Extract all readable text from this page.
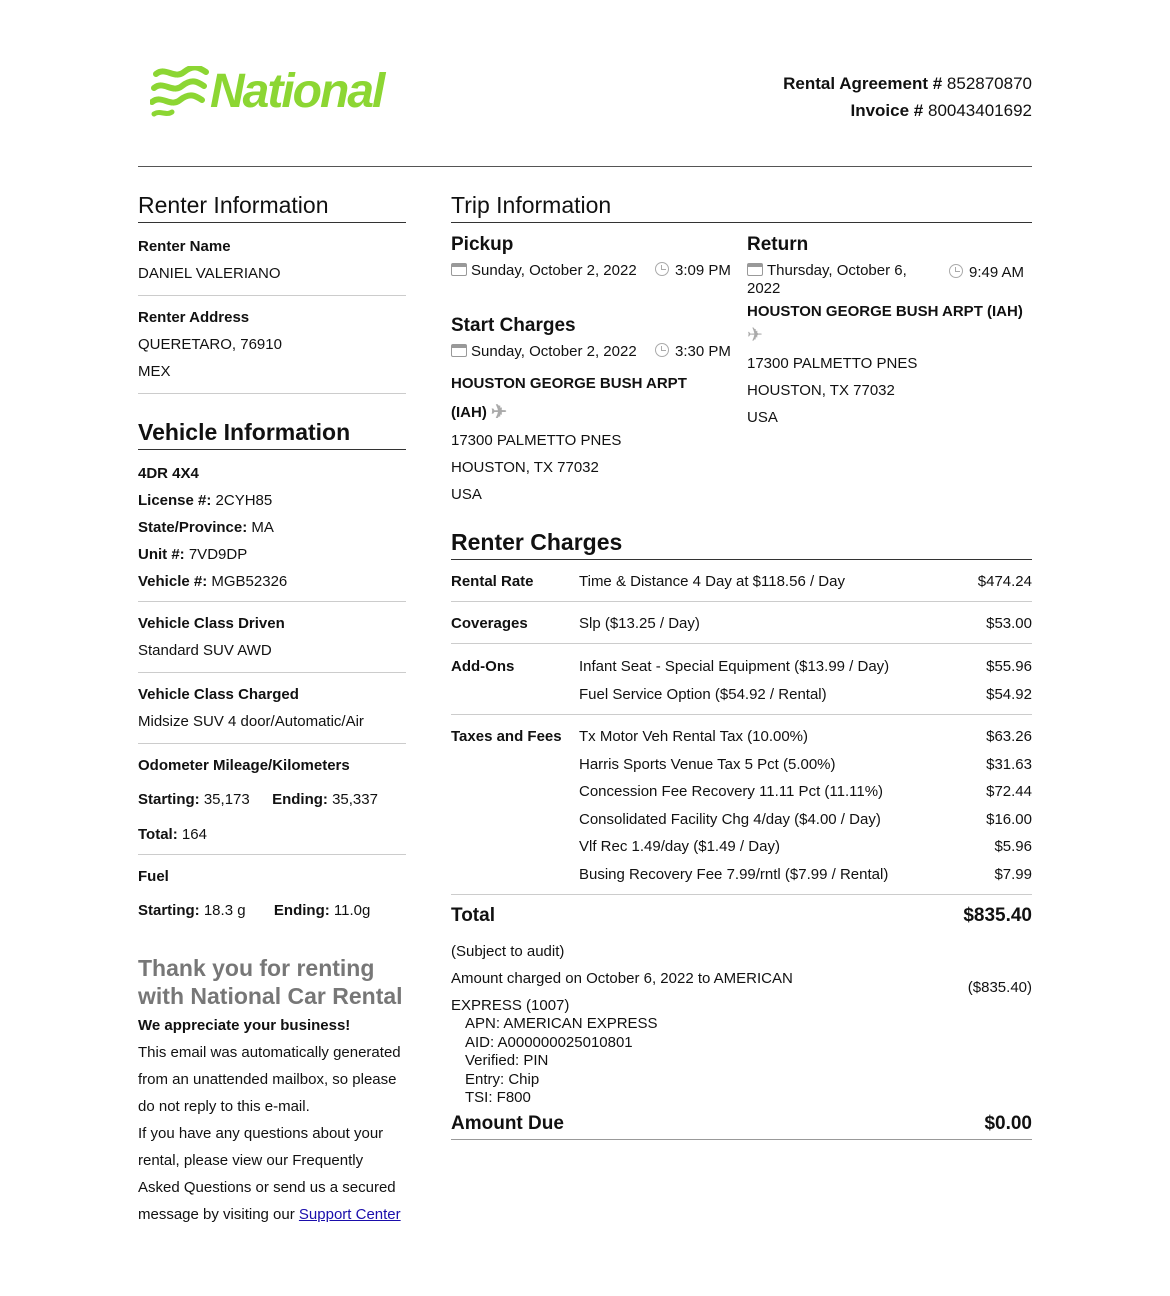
National	Rental Agreement # 852870870
Invoice # 80043401692
Renter Information
Renter Name
DANIEL VALERIANO
Renter Address
QUERETARO, 76910
MEX
Vehicle Information
4DR 4X4
License #: 2CYH85
State/Province: MA
Unit #: 7VD9DP
Vehicle #: MGB52326
Vehicle Class Driven
Standard SUV AWD
Vehicle Class Charged
Midsize SUV 4 door/Automatic/Air
Odometer Mileage/Kilometers
Starting: 35,173 Ending: 35,337
Total: 164
Fuel
Starting: 18.3 g Ending: 11.0g
Thank you for renting with National Car Rental
We appreciate your business!
This email was automatically generated from an unattended mailbox, so please do not reply to this e-mail.
If you have any questions about your rental, please view our Frequently Asked Questions or send us a secured message by visiting our Support Center
Trip Information
Pickup
Sunday, October 2, 2022	3:09 PM
Start Charges
Sunday, October 2, 2022	3:30 PM
HOUSTON GEORGE BUSH ARPT (IAH) ✈
17300 PALMETTO PNES
HOUSTON, TX 77032
USA
Return
Thursday, October 6, 2022
9:49 AM
HOUSTON GEORGE BUSH ARPT (IAH)
✈
17300 PALMETTO PNES
HOUSTON, TX 77032
USA
Renter Charges
Rental Rate	Time & Distance 4 Day at $118.56 / Day	$474.24
Coverages	Slp ($13.25 / Day)	$53.00
Add-Ons	Infant Seat - Special Equipment ($13.99 / Day)	$55.96
Fuel Service Option ($54.92 / Rental)	$54.92
Taxes and Fees Tx Motor Veh Rental Tax (10.00%)	$63.26
Harris Sports Venue Tax 5 Pct (5.00%)	$31.63
Concession Fee Recovery 11.11 Pct (11.11%)	$72.44
Consolidated Facility Chg 4/day ($4.00 / Day)	$16.00
Vlf Rec 1.49/day ($1.49 / Day)	$5.96
Busing Recovery Fee 7.99/rntl ($7.99 / Rental)	$7.99
Total	$835.40
(Subject to audit)
Amount charged on October 6, 2022 to AMERICAN
EXPRESS (1007)
($835.40)
APN: AMERICAN EXPRESS
AID: A000000025010801
Verified: PIN
Entry: Chip
TSI: F800
Amount Due	$0.00
